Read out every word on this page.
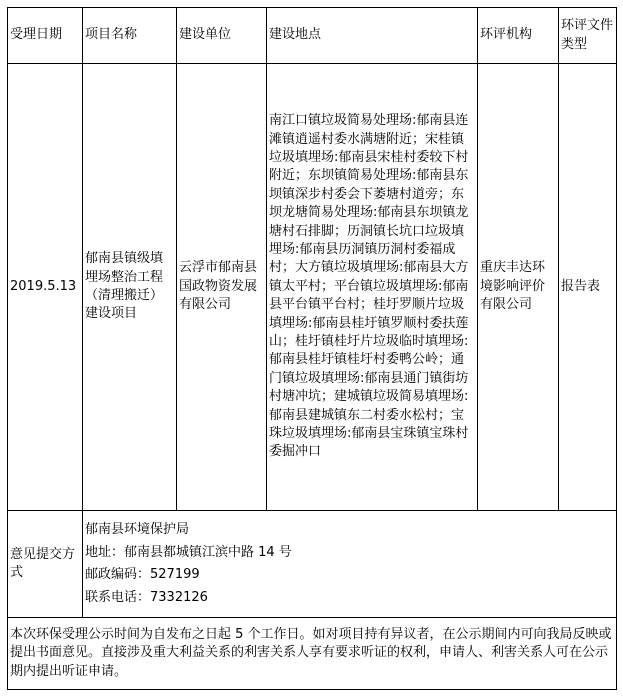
受理日期	项目名称	建设单位	建设地点	环评机构	环评文件类型
2019.5.13	郁南县镇级填埋场整治工程（清理搬迁）建设项目	云浮市郁南县国政物资发展有限公司	南江口镇垃圾简易处理场:郁南县连滩镇逍遥村委水满塘附近；宋桂镇垃圾填埋场:郁南县宋桂村委较下村附近；东坝镇简易处理场:郁南县东坝镇深步村委会下萎塘村道旁；东坝龙塘简易处理场:郁南县东坝镇龙塘村石排脚；历洞镇长坑口垃圾填埋场:郁南县历洞镇历洞村委福成村；大方镇垃圾填埋场:郁南县大方镇太平村；平台镇垃圾填埋场:郁南县平台镇平台村；桂圩罗顺片垃圾填埋场:郁南县桂圩镇罗顺村委扶莲山；桂圩镇桂圩片垃圾临时填埋场:郁南县桂圩镇桂圩村委鸭公岭；通门镇垃圾填埋场:郁南县通门镇街坊村塘冲坑；建城镇垃圾简易填埋场:郁南县建城镇东二村委水松村；宝珠垃圾填埋场:郁南县宝珠镇宝珠村委掘冲口	重庆丰达环境影响评价有限公司	报告表
意见提交方式	郁南县环境保护局
地址：郁南县都城镇江滨中路 14 号
邮政编码：527199
联系电话：7332126				

本次环保受理公示时间为自发布之日起 5 个工作日。如对项目持有异议者，在公示期间内可向我局反映或提出书面意见。直接涉及重大利益关系的利害关系人享有要求听证的权利，申请人、利害关系人可在公示期内提出听证申请。					
